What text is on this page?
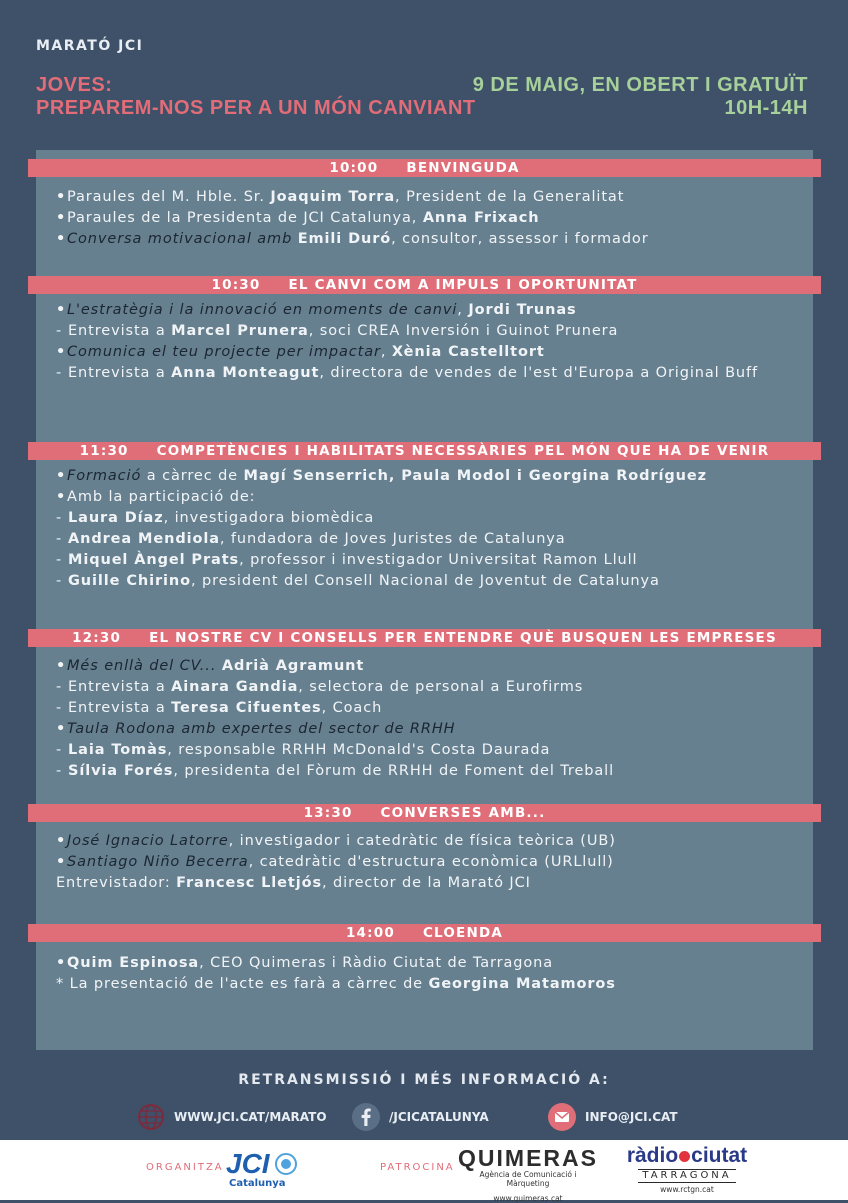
MARATÓ JCI
JOVES:
PREPAREM-NOS PER A UN MÓN CANVIANT
9 DE MAIG, EN OBERT I GRATUÏT
10H-14H
10:00 BENVINGUDA
•Paraules del M. Hble. Sr. Joaquim Torra, President de la Generalitat
•Paraules de la Presidenta de JCI Catalunya, Anna Frixach
•Conversa motivacional amb Emili Duró, consultor, assessor i formador
10:30 EL CANVI COM A IMPULS I OPORTUNITAT
•L'estratègia i la innovació en moments de canvi, Jordi Trunas
-Entrevista a Marcel Prunera, soci CREA Inversión i Guinot Prunera
•Comunica el teu projecte per impactar, Xènia Castelltort
-Entrevista a Anna Monteagut, directora de vendes de l'est d'Europa a Original Buff
11:30 COMPETÈNCIES I HABILITATS NECESSÀRIES PEL MÓN QUE HA DE VENIR
•Formació a càrrec de Magí Senserrich, Paula Modol i Georgina Rodríguez
•Amb la participació de:
-Laura Díaz, investigadora biomèdica
-Andrea Mendiola, fundadora de Joves Juristes de Catalunya
-Miquel Àngel Prats, professor i investigador Universitat Ramon Llull
-Guille Chirino, president del Consell Nacional de Joventut de Catalunya
12:30 EL NOSTRE CV I CONSELLS PER ENTENDRE QUÈ BUSQUEN LES EMPRESES
•Més enllà del CV... Adrià Agramunt
-Entrevista a Ainara Gandia, selectora de personal a Eurofirms
-Entrevista a Teresa Cifuentes, Coach
•Taula Rodona amb expertes del sector de RRHH
-Laia Tomàs, responsable RRHH McDonald's Costa Daurada
-Sílvia Forés, presidenta del Fòrum de RRHH de Foment del Treball
13:30 CONVERSES AMB...
•José Ignacio Latorre, investigador i catedràtic de física teòrica (UB)
•Santiago Niño Becerra, catedràtic d'estructura econòmica (URLlull)
Entrevistador: Francesc Lletjós, director de la Marató JCI
14:00 CLOENDA
•Quim Espinosa, CEO Quimeras i Ràdio Ciutat de Tarragona
* La presentació de l'acte es farà a càrrec de Georgina Matamoros
RETRANSMISSIÓ I MÉS INFORMACIÓ A:
WWW.JCI.CAT/MARATO	/JCICATALUNYA	INFO@JCI.CAT
ORGANITZA JCI
Catalunya
PATROCINA QUIMERAS
Agència de Comunicació i Màrqueting
www.quimeras.cat
ràdio ciutat
TARRAGONA
www.rctgn.cat
